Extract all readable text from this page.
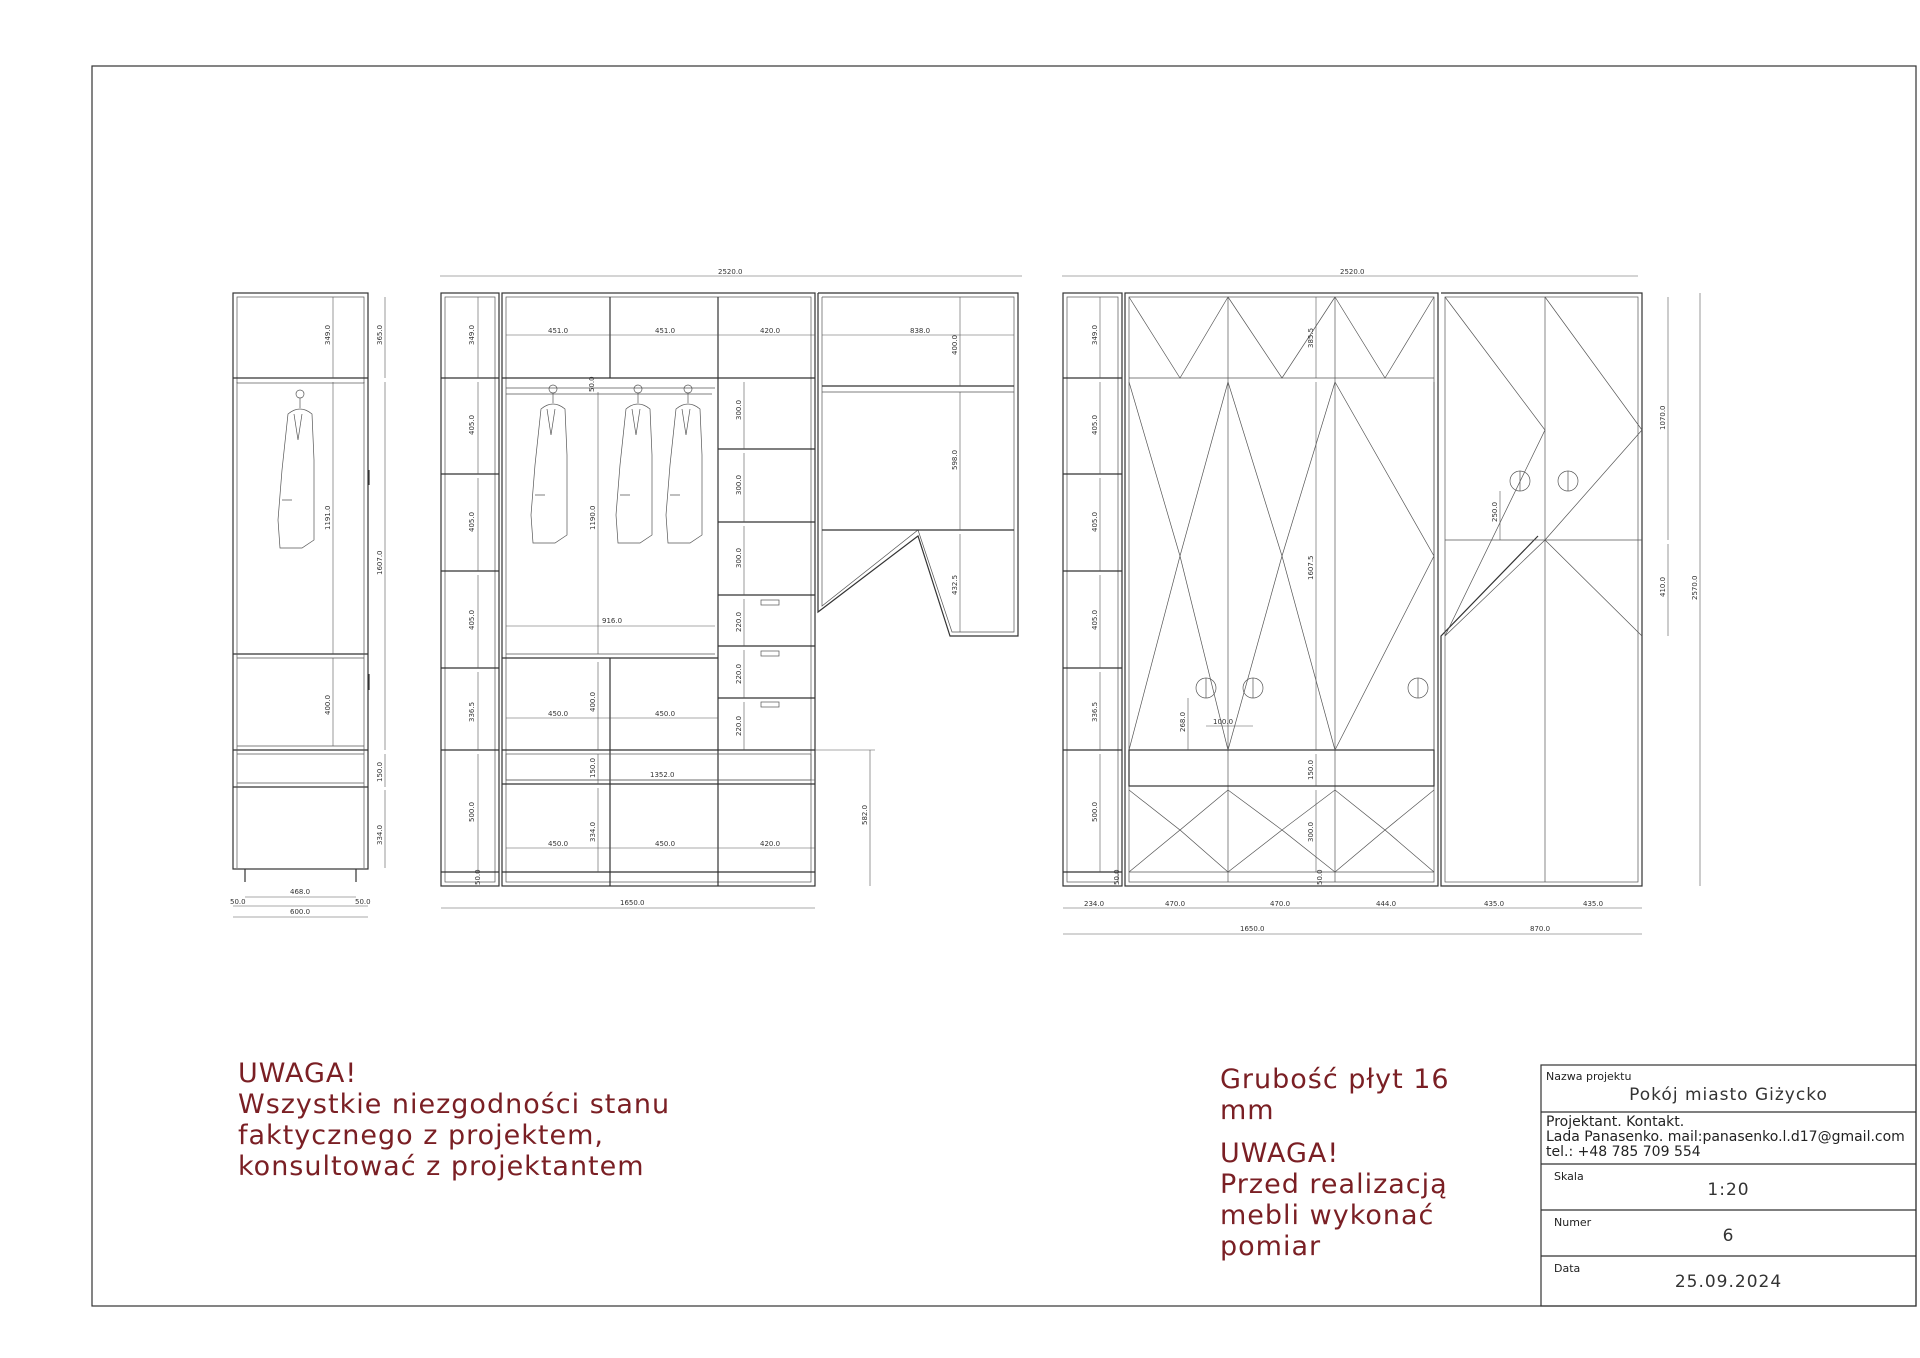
349.0	365.0
1191.0
1607.0
400.0
150.0
334.0
468.0
50.0	50.0
600.0
2520.0
349.0
405.0
405.0
405.0
336.5
500.0
50.0
451.0	451.0	420.0	838.0
400.0
50.0
1190.0
916.0
300.0
300.0
300.0
220.0
220.0
220.0
598.0
432.5
450.0	450.0
400.0
1352.0
150.0
582.0
450.0	450.0	420.0
334.0
1650.0
2520.0
349.0
405.0
405.0
405.0
336.5
500.0
50.0
385.5
1607.5
268.0	100.0
250.0
1070.0
410.0	2570.0
150.0
300.0
50.0
234.0	470.0	470.0	444.0	435.0	435.0
1650.0	870.0
UWAGA!
Wszystkie niezgodności stanu
faktycznego z projektem,
konsultować z projektantem
Grubość płyt 16
mm
UWAGA!
Przed realizacją
mebli wykonać
pomiar
Nazwa projektu
Pokój miasto Giżycko
Projektant. Kontakt.
Lada Panasenko. mail:panasenko.l.d17@gmail.com
tel.: +48 785 709 554
Skala
1:20
Numer
6
Data
25.09.2024
